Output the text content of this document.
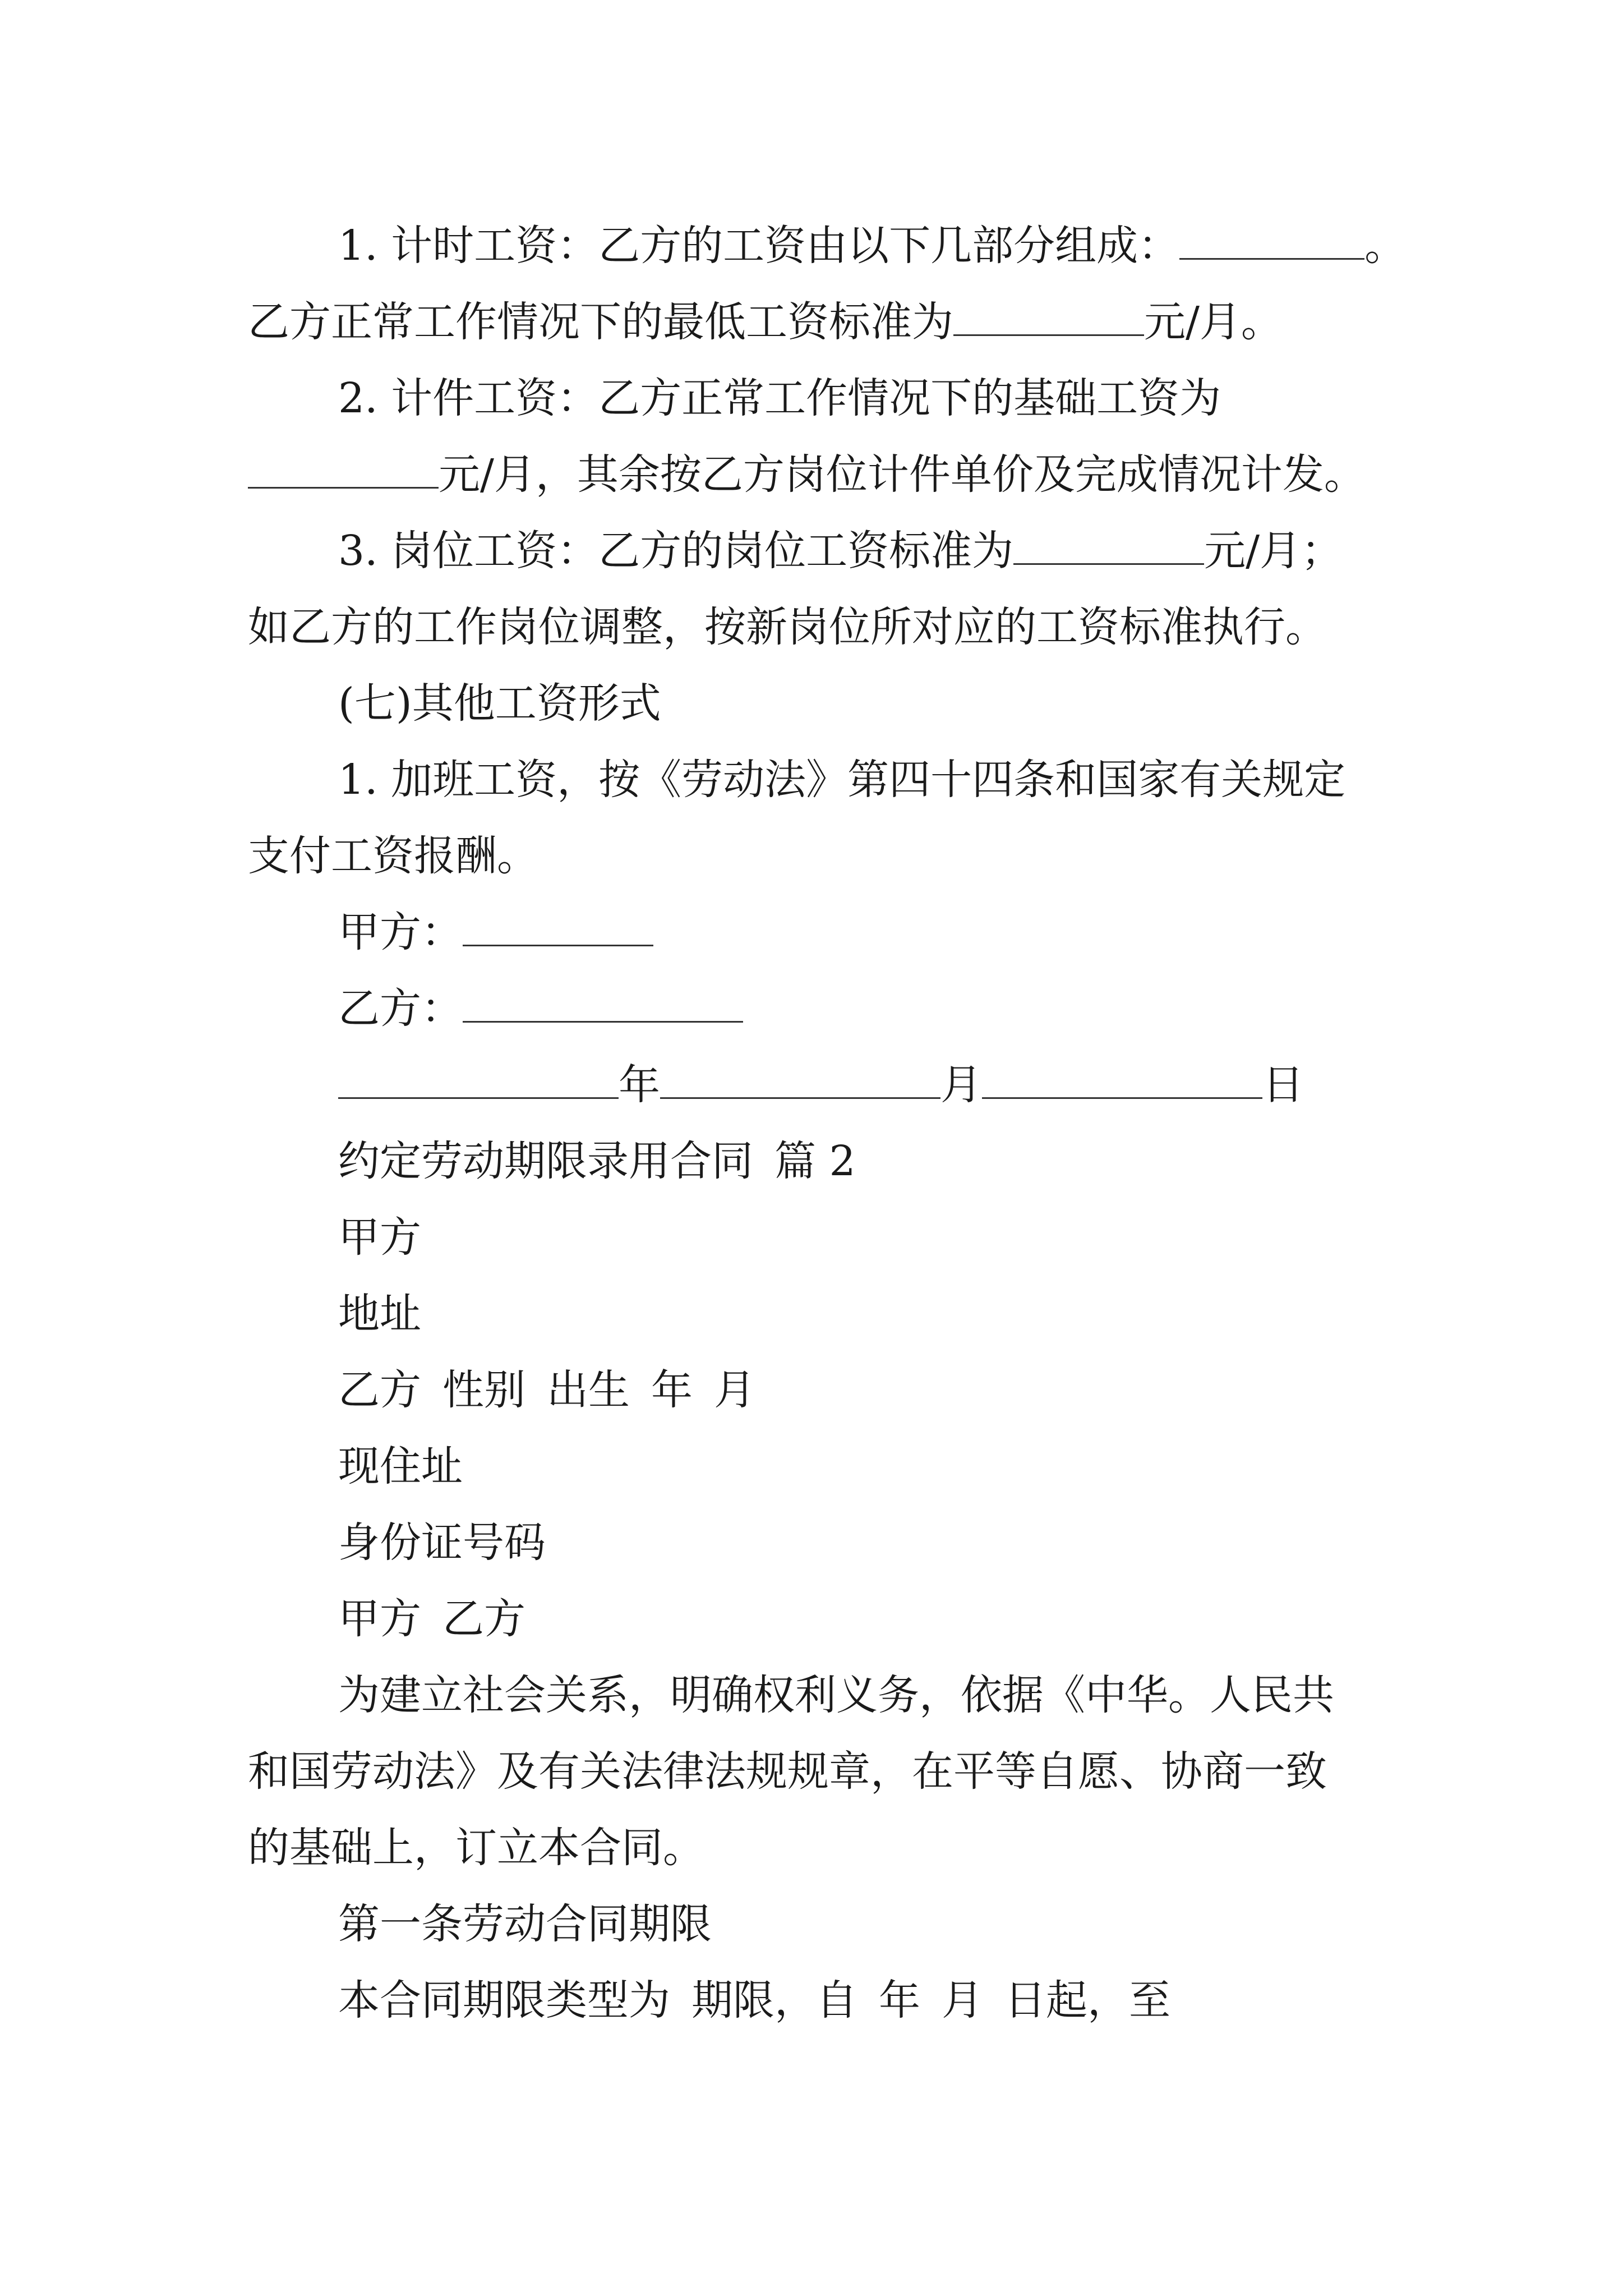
1. 计时工资：乙方的工资由以下几部分组成：	。
乙方正常工作情况下的最低工资标准为	元/月。
2. 计件工资：乙方正常工作情况下的基础工资为
元/月，其余按乙方岗位计件单价及完成情况计发。
3. 岗位工资：乙方的岗位工资标准为	元/月；
如乙方的工作岗位调整，按新岗位所对应的工资标准执行。
(七)其他工资形式
1. 加班工资，按《劳动法》第四十四条和国家有关规定
支付工资报酬。
甲方：
乙方：
年	月	日
约定劳动期限录用合同 篇 2
甲方
地址
乙方 性别 出生 年 月
现住址
身份证号码
甲方 乙方
为建立社会关系，明确权利义务，依据《中华。人民共
和国劳动法》及有关法律法规规章，在平等自愿、协商一致
的基础上，订立本合同。
第一条劳动合同期限
本合同期限类型为 期限，自 年 月 日起，至
